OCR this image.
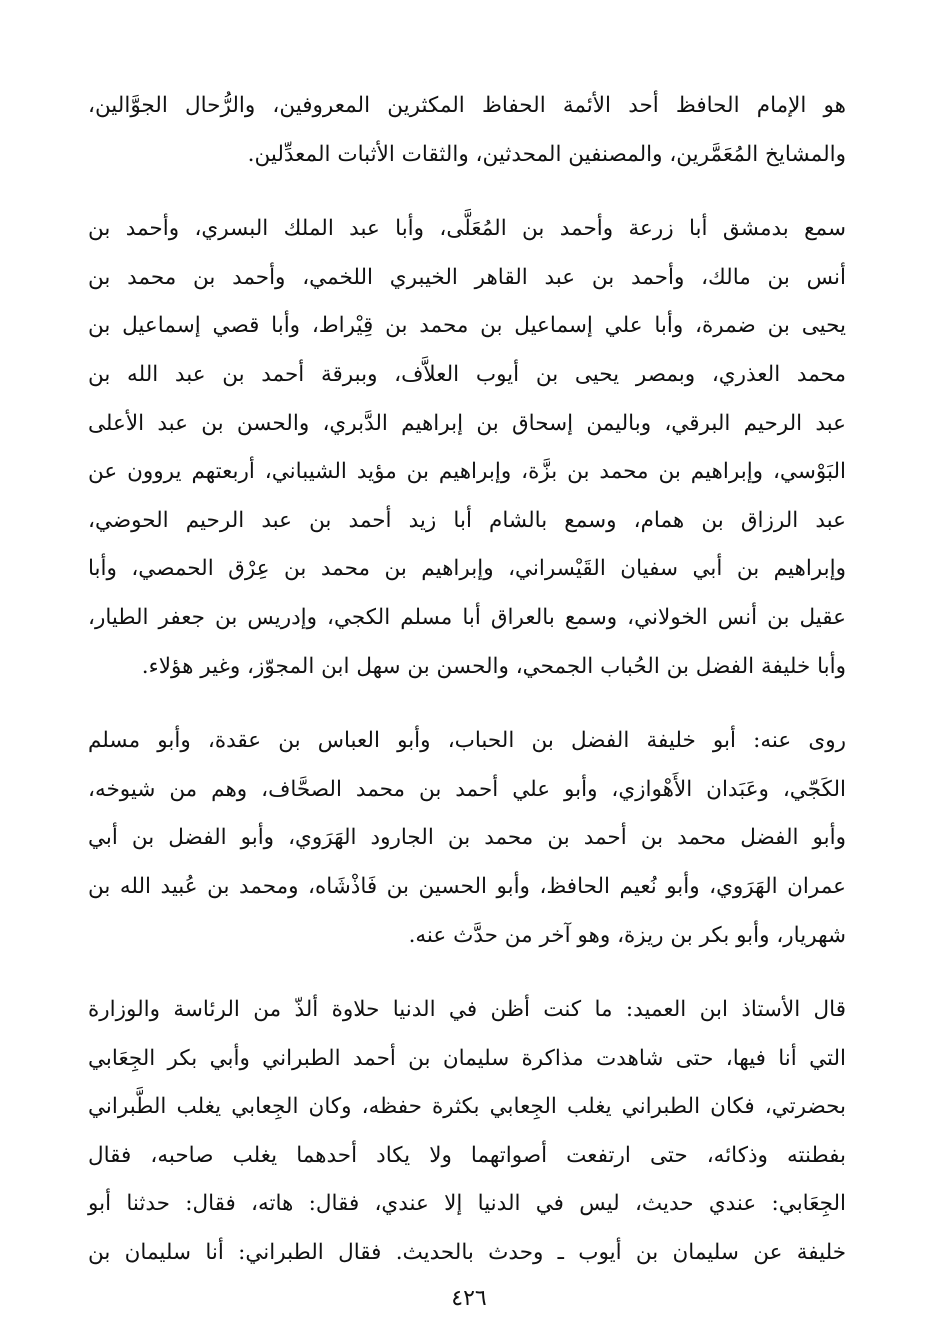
هو الإمام الحافظ أحد الأئمة الحفاظ المكثرين المعروفين، والرُّحال الجوَّالين،
والمشايخ المُعَمَّرين، والمصنفين المحدثين، والثقات الأثبات المعدِّلين.

سمع بدمشق أبا زرعة وأحمد بن المُعَلَّى، وأبا عبد الملك البسري، وأحمد بن
أنس بن مالك، وأحمد بن عبد القاهر الخيبري اللخمي، وأحمد بن محمد بن
يحيى بن ضمرة، وأبا علي إسماعيل بن محمد بن قِيْراط، وأبا قصي إسماعيل بن
محمد العذري، وبمصر يحيى بن أيوب العلاَّف، وببرقة أحمد بن عبد الله بن
عبد الرحيم البرقي، وباليمن إسحاق بن إبراهيم الدَّبري، والحسن بن عبد الأعلى
البَوْسي، وإبراهيم بن محمد بن بزَّة، وإبراهيم بن مؤيد الشيباني، أربعتهم يروون عن
عبد الرزاق بن همام، وسمع بالشام أبا زيد أحمد بن عبد الرحيم الحوضي،
وإبراهيم بن أبي سفيان القَيْسراني، وإبراهيم بن محمد بن عِرْق الحمصي، وأبا
عقيل بن أنس الخولاني، وسمع بالعراق أبا مسلم الكجي، وإدريس بن جعفر الطيار،
وأبا خليفة الفضل بن الحُباب الجمحي، والحسن بن سهل ابن المجوّز، وغير هؤلاء.

روى عنه: أبو خليفة الفضل بن الحباب، وأبو العباس بن عقدة، وأبو مسلم
الكَجّي، وعَبَدان الأَهْوازي، وأبو علي أحمد بن محمد الصحَّاف، وهم من شيوخه،
وأبو الفضل محمد بن أحمد بن محمد بن الجارود الهَرَوي، وأبو الفضل بن أبي
عمران الهَرَوي، وأبو نُعيم الحافظ، وأبو الحسين بن فَاذْشَاه، ومحمد بن عُبيد الله بن
شهريار، وأبو بكر بن ريزة، وهو آخر من حدَّث عنه.

قال الأستاذ ابن العميد: ما كنت أظن في الدنيا حلاوة ألذّ من الرئاسة والوزارة
التي أنا فيها، حتى شاهدت مذاكرة سليمان بن أحمد الطبراني وأبي بكر الجِعَابي
بحضرتي، فكان الطبراني يغلب الجِعابي بكثرة حفظه، وكان الجِعابي يغلب الطَّبراني
بفطنته وذكائه، حتى ارتفعت أصواتهما ولا يكاد أحدهما يغلب صاحبه، فقال
الجِعَابي: عندي حديث، ليس في الدنيا إلا عندي، فقال: هاته، فقال: حدثنا أبو
خليفة عن سليمان بن أيوب ـ وحدث بالحديث. فقال الطبراني: أنا سليمان بن

٤٢٦
